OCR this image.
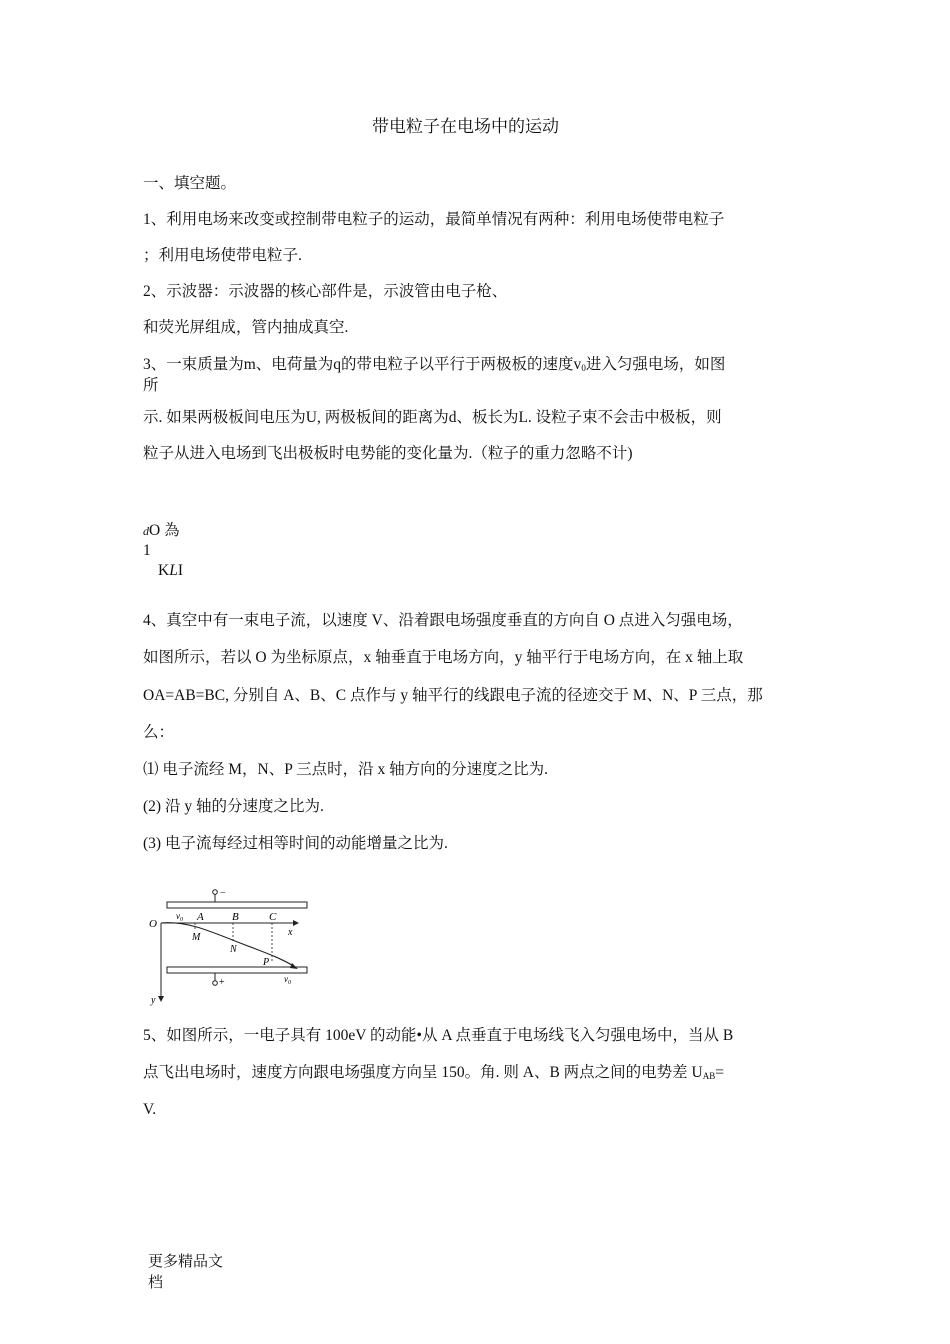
带电粒子在电场中的运动
一、填空题。
1、利用电场来改变或控制带电粒子的运动，最简单情况有两种：利用电场使带电粒子
；利用电场使带电粒子.
2、示波器：示波器的核心部件是，示波管由电子枪、
和荧光屏组成，管内抽成真空.
3、一束质量为m、电荷量为q的带电粒子以平行于两极板的速度$v_0$进入匀强电场，如图
所
示. 如果两极板间电压为U, 两极板间的距离为d、板长为L. 设粒子束不会击中极板，则
粒子从进入电场到飞出极板时电势能的变化量为.（粒子的重力忽略不计)
dO 為
1
KLI
4、真空中有一束电子流，以速度 V、沿着跟电场强度垂直的方向自 O 点进入匀强电场，
如图所示，若以 O 为坐标原点，x 轴垂直于电场方向，y 轴平行于电场方向，在 x 轴上取
OA=AB=BC, 分别自 A、B、C 点作与 y 轴平行的线跟电子流的径迹交于 M、N、P 三点，那
么：
⑴ 电子流经 M，N、P 三点时，沿 x 轴方向的分速度之比为.
(2) 沿 y 轴的分速度之比为.
(3) 电子流每经过相等时间的动能增量之比为.
−
+
O
$v_0$ A	B	C
x
M
N
P
$v_0$
y
5、如图所示，一电子具有 100eV 的动能•从 A 点垂直于电场线飞入匀强电场中，当从 B
点飞出电场时，速度方向跟电场强度方向呈 150。角. 则 A、B 两点之间的电势差 $U_{AB}=$
V.
更多精品文
档
